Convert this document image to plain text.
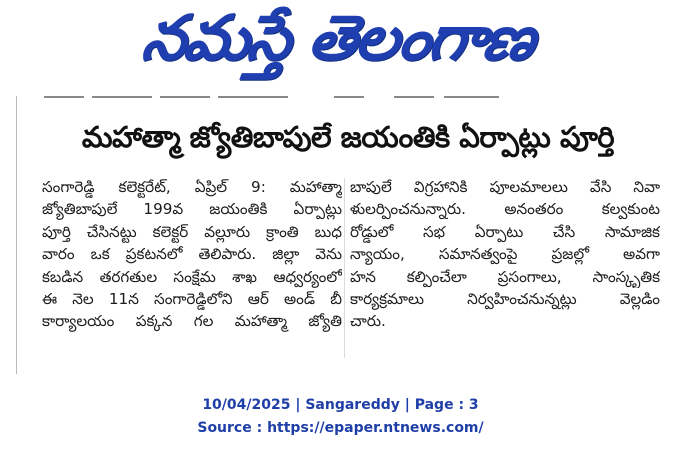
నమస్తే తెలంగాణ
మహాత్మా జ్యోతిబాపులే జయంతికి ఏర్పాట్లు పూర్తి
సంగారెడ్డి కలెక్టరేట్, ఏప్రిల్ 9: మహాత్మా
జ్యోతిబాపులే 199వ జయంతికి ఏర్పాట్లు
పూర్తి చేసినట్టు కలెక్టర్ వల్లూరు క్రాంతి బుధ
వారం ఒక ప్రకటనలో తెలిపారు. జిల్లా వెను
కబడిన తరగతుల సంక్షేమ శాఖ ఆధ్వర్యంలో
ఈ నెల 11న సంగారెడ్డిలోని ఆర్ అండ్ బీ
కార్యాలయం పక్కన గల మహాత్మా జ్యోతి
బాపులే విగ్రహానికి పూలమాలలు వేసి నివా
ళులర్పించనున్నారు. అనంతరం కల్వకుంట
రోడ్డులో సభ ఏర్పాటు చేసి సామాజిక
న్యాయం, సమానత్వంపై ప్రజల్లో అవగా
హన కల్పించేలా ప్రసంగాలు, సాంస్కృతిక
కార్యక్రమాలు నిర్వహించనున్నట్లు వెల్లడిం
చారు.
10/04/2025 | Sangareddy | Page : 3
Source : https://epaper.ntnews.com/
